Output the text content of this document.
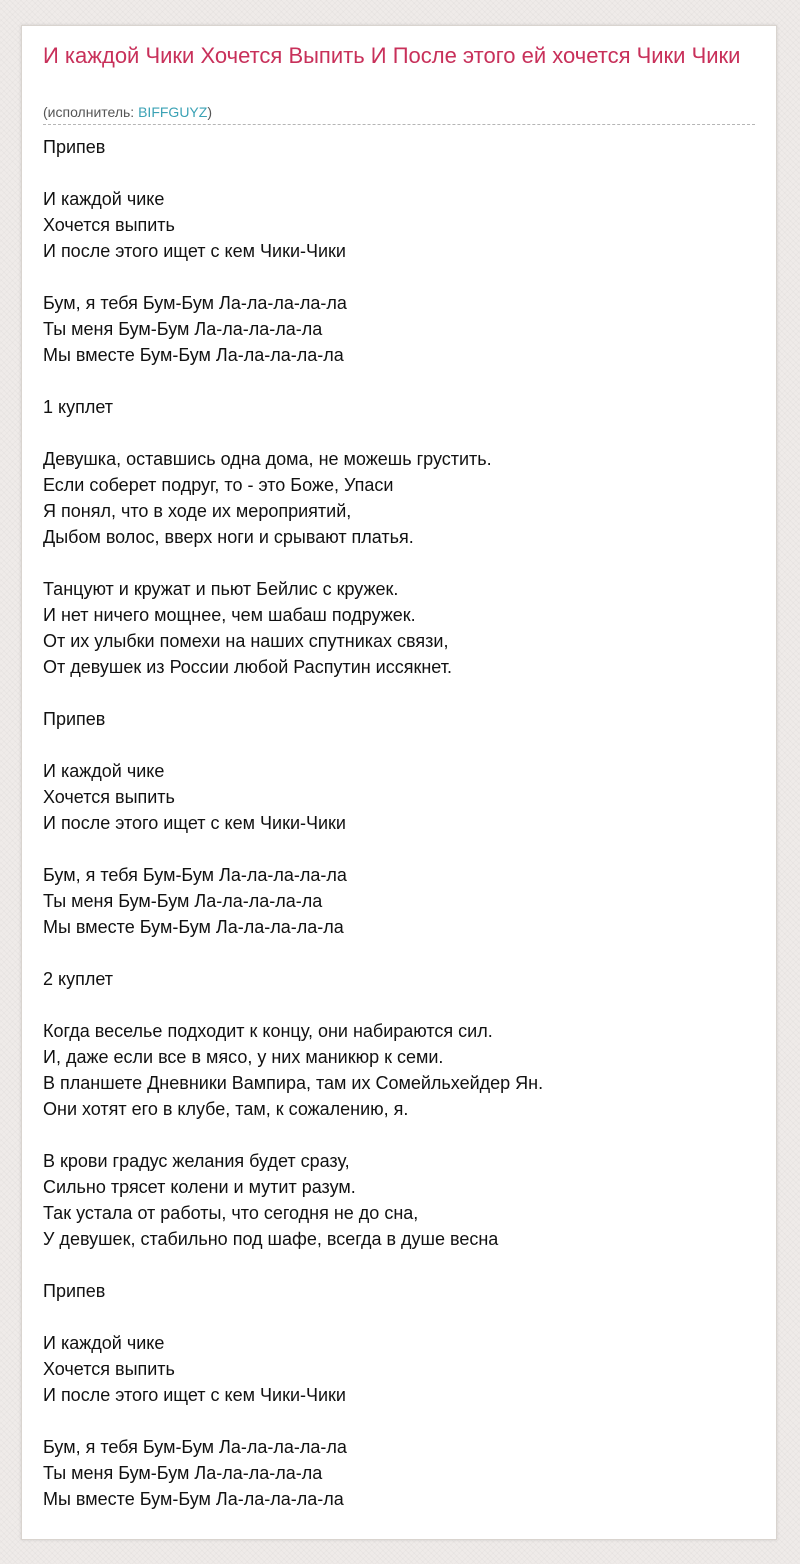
И каждой Чики Хочется Выпить И После этого ей хочется Чики Чики
(исполнитель: BIFFGUYZ)
Припев
И каждой чике
Хочется выпить
И после этого ищет с кем Чики-Чики
Бум, я тебя Бум-Бум Ла-ла-ла-ла-ла
Ты меня Бум-Бум Ла-ла-ла-ла-ла
Мы вместе Бум-Бум Ла-ла-ла-ла-ла
1 куплет
Девушка, оставшись одна дома, не можешь грустить.
Если соберет подруг, то - это Боже, Упаси
Я понял, что в ходе их мероприятий,
Дыбом волос, вверх ноги и срывают платья.
Танцуют и кружат и пьют Бейлис с кружек.
И нет ничего мощнее, чем шабаш подружек.
От их улыбки помехи на наших спутниках связи,
От девушек из России любой Распутин иссякнет.
Припев
И каждой чике
Хочется выпить
И после этого ищет с кем Чики-Чики
Бум, я тебя Бум-Бум Ла-ла-ла-ла-ла
Ты меня Бум-Бум Ла-ла-ла-ла-ла
Мы вместе Бум-Бум Ла-ла-ла-ла-ла
2 куплет
Когда веселье подходит к концу, они набираются сил.
И, даже если все в мясо, у них маникюр к семи.
В планшете Дневники Вампира, там их Сомейльхейдер Ян.
Они хотят его в клубе, там, к сожалению, я.
В крови градус желания будет сразу,
Сильно трясет колени и мутит разум.
Так устала от работы, что сегодня не до сна,
У девушек, стабильно под шафе, всегда в душе весна
Припев
И каждой чике
Хочется выпить
И после этого ищет с кем Чики-Чики
Бум, я тебя Бум-Бум Ла-ла-ла-ла-ла
Ты меня Бум-Бум Ла-ла-ла-ла-ла
Мы вместе Бум-Бум Ла-ла-ла-ла-ла
